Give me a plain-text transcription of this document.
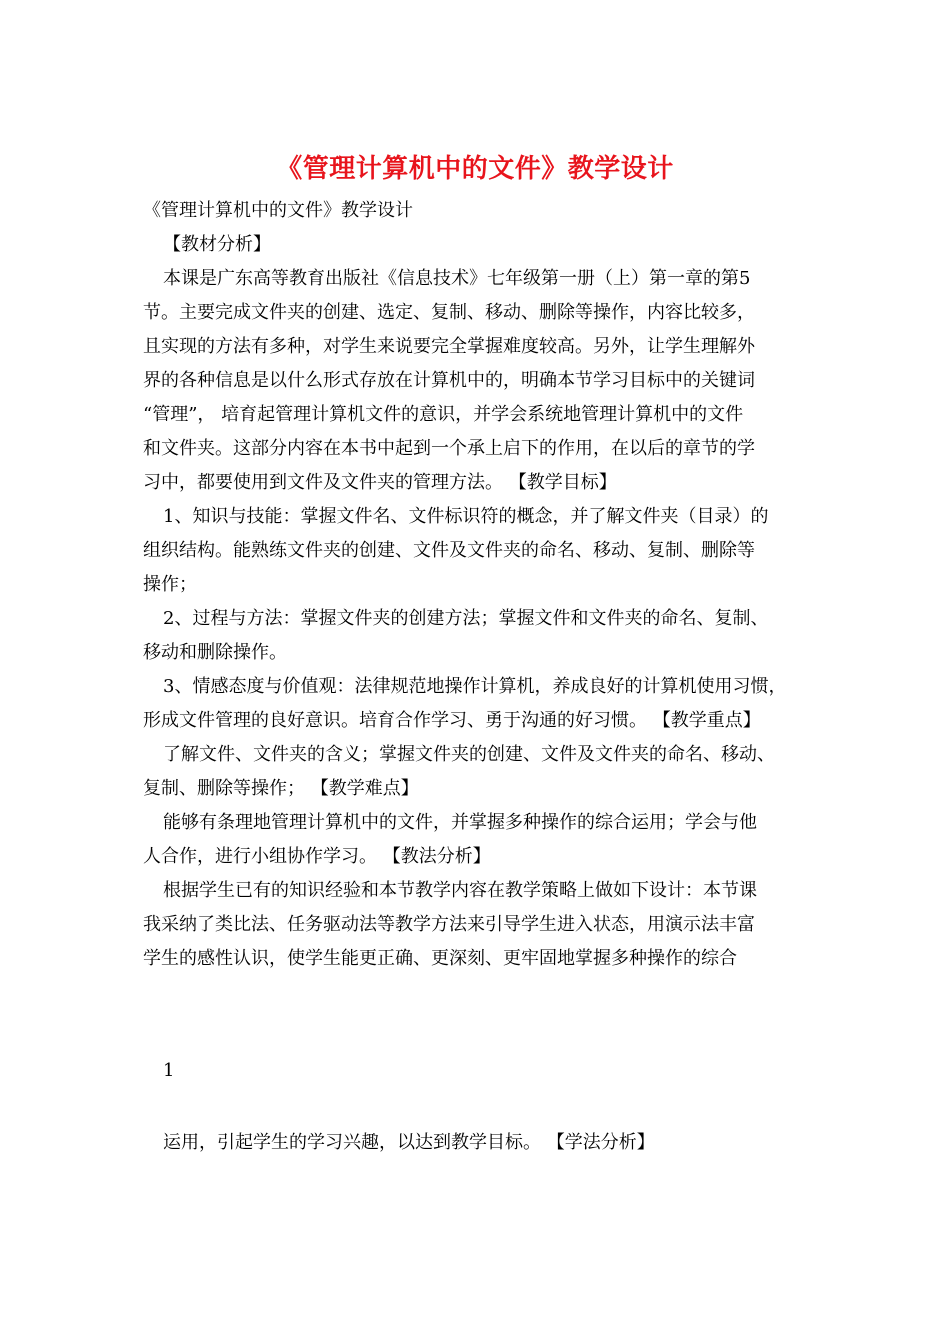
《管理计算机中的文件》教学设计
《管理计算机中的文件》教学设计
【教材分析】
本课是广东高等教育出版社《信息技术》七年级第一册（上）第一章的第5
节。主要完成文件夹的创建、选定、复制、移动、删除等操作，内容比较多，
且实现的方法有多种，对学生来说要完全掌握难度较高。另外，让学生理解外
界的各种信息是以什么形式存放在计算机中的，明确本节学习目标中的关键词
“管理”， 培育起管理计算机文件的意识，并学会系统地管理计算机中的文件
和文件夹。这部分内容在本书中起到一个承上启下的作用，在以后的章节的学
习中，都要使用到文件及文件夹的管理方法。 【教学目标】
1、知识与技能：掌握文件名、文件标识符的概念，并了解文件夹（目录）的
组织结构。能熟练文件夹的创建、文件及文件夹的命名、移动、复制、删除等
操作；
2、过程与方法：掌握文件夹的创建方法；掌握文件和文件夹的命名、复制、
移动和删除操作。
3、情感态度与价值观：法律规范地操作计算机，养成良好的计算机使用习惯，
形成文件管理的良好意识。培育合作学习、勇于沟通的好习惯。 【教学重点】
了解文件、文件夹的含义；掌握文件夹的创建、文件及文件夹的命名、移动、
复制、删除等操作； 【教学难点】
能够有条理地管理计算机中的文件，并掌握多种操作的综合运用；学会与他
人合作，进行小组协作学习。 【教法分析】
根据学生已有的知识经验和本节教学内容在教学策略上做如下设计：本节课
我采纳了类比法、任务驱动法等教学方法来引导学生进入状态，用演示法丰富
学生的感性认识，使学生能更正确、更深刻、更牢固地掌握多种操作的综合
1
运用，引起学生的学习兴趣，以达到教学目标。 【学法分析】
